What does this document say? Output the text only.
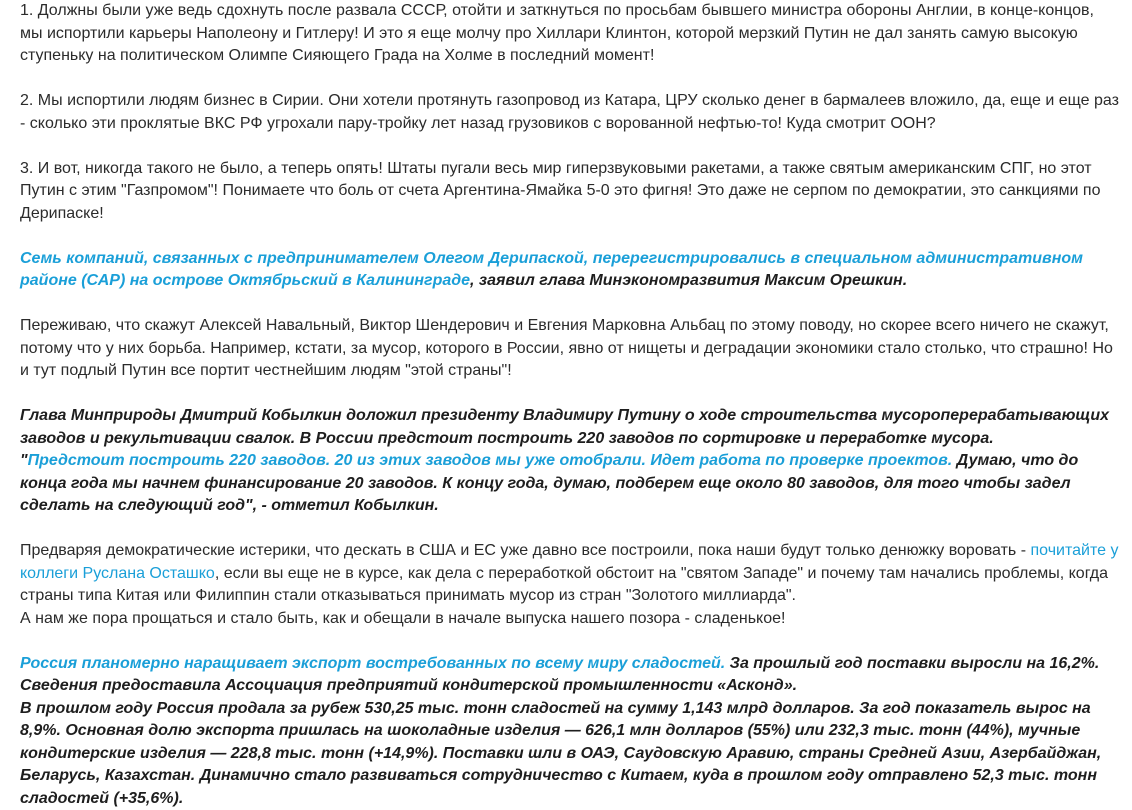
1. Должны были уже ведь сдохнуть после развала СССР, отойти и заткнуться по просьбам бывшего министра обороны Англии, в конце-концов, мы испортили карьеры Наполеону и Гитлеру! И это я еще молчу про Хиллари Клинтон, которой мерзкий Путин не дал занять самую высокую ступеньку на политическом Олимпе Сияющего Града на Холме в последний момент!

2. Мы испортили людям бизнес в Сирии. Они хотели протянуть газопровод из Катара, ЦРУ сколько денег в бармалеев вложило, да, еще и еще раз - сколько эти проклятые ВКС РФ угрохали пару-тройку лет назад грузовиков с ворованной нефтью-то! Куда смотрит ООН?

3. И вот, никогда такого не было, а теперь опять! Штаты пугали весь мир гиперзвуковыми ракетами, а также святым американским СПГ, но этот Путин с этим "Газпромом"! Понимаете что боль от счета Аргентина-Ямайка 5-0 это фигня! Это даже не серпом по демократии, это санкциями по Дерипаске!

Семь компаний, связанных с предпринимателем Олегом Дерипаской, перерегистрировались в специальном административном районе (САР) на острове Октябрьский в Калининграде, заявил глава Минэкономразвития Максим Орешкин.

Переживаю, что скажут Алексей Навальный, Виктор Шендерович и Евгения Марковна Альбац по этому поводу, но скорее всего ничего не скажут, потому что у них борьба. Например, кстати, за мусор, которого в России, явно от нищеты и деградации экономики стало столько, что страшно! Но и тут подлый Путин все портит честнейшим людям "этой страны"!

Глава Минприроды Дмитрий Кобылкин доложил президенту Владимиру Путину о ходе строительства мусороперерабатывающих заводов и рекультивации свалок. В России предстоит построить 220 заводов по сортировке и переработке мусора.

"Предстоит построить 220 заводов. 20 из этих заводов мы уже отобрали. Идет работа по проверке проектов. Думаю, что до конца года мы начнем финансирование 20 заводов. К концу года, думаю, подберем еще около 80 заводов, для того чтобы задел сделать на следующий год", - отметил Кобылкин.

Предваряя демократические истерики, что дескать в США и ЕС уже давно все построили, пока наши будут только денюжку воровать - почитайте у коллеги Руслана Осташко, если вы еще не в курсе, как дела с переработкой обстоит на "святом Западе" и почему там начались проблемы, когда страны типа Китая или Филиппин стали отказываться принимать мусор из стран "Золотого миллиарда".

А нам же пора прощаться и стало быть, как и обещали в начале выпуска нашего позора - сладенькое!

Россия планомерно наращивает экспорт востребованных по всему миру сладостей. За прошлый год поставки выросли на 16,2%. Сведения предоставила Ассоциация предприятий кондитерской промышленности «Асконд».

В прошлом году Россия продала за рубеж 530,25 тыс. тонн сладостей на сумму 1,143 млрд долларов. За год показатель вырос на 8,9%. Основная долю экспорта пришлась на шоколадные изделия — 626,1 млн долларов (55%) или 232,3 тыс. тонн (44%), мучные кондитерские изделия — 228,8 тыс. тонн (+14,9%). Поставки шли в ОАЭ, Саудовскую Аравию, страны Средней Азии, Азербайджан, Беларусь, Казахстан. Динамично стало развиваться сотрудничество с Китаем, куда в прошлом году отправлено 52,3 тыс. тонн сладостей (+35,6%).
